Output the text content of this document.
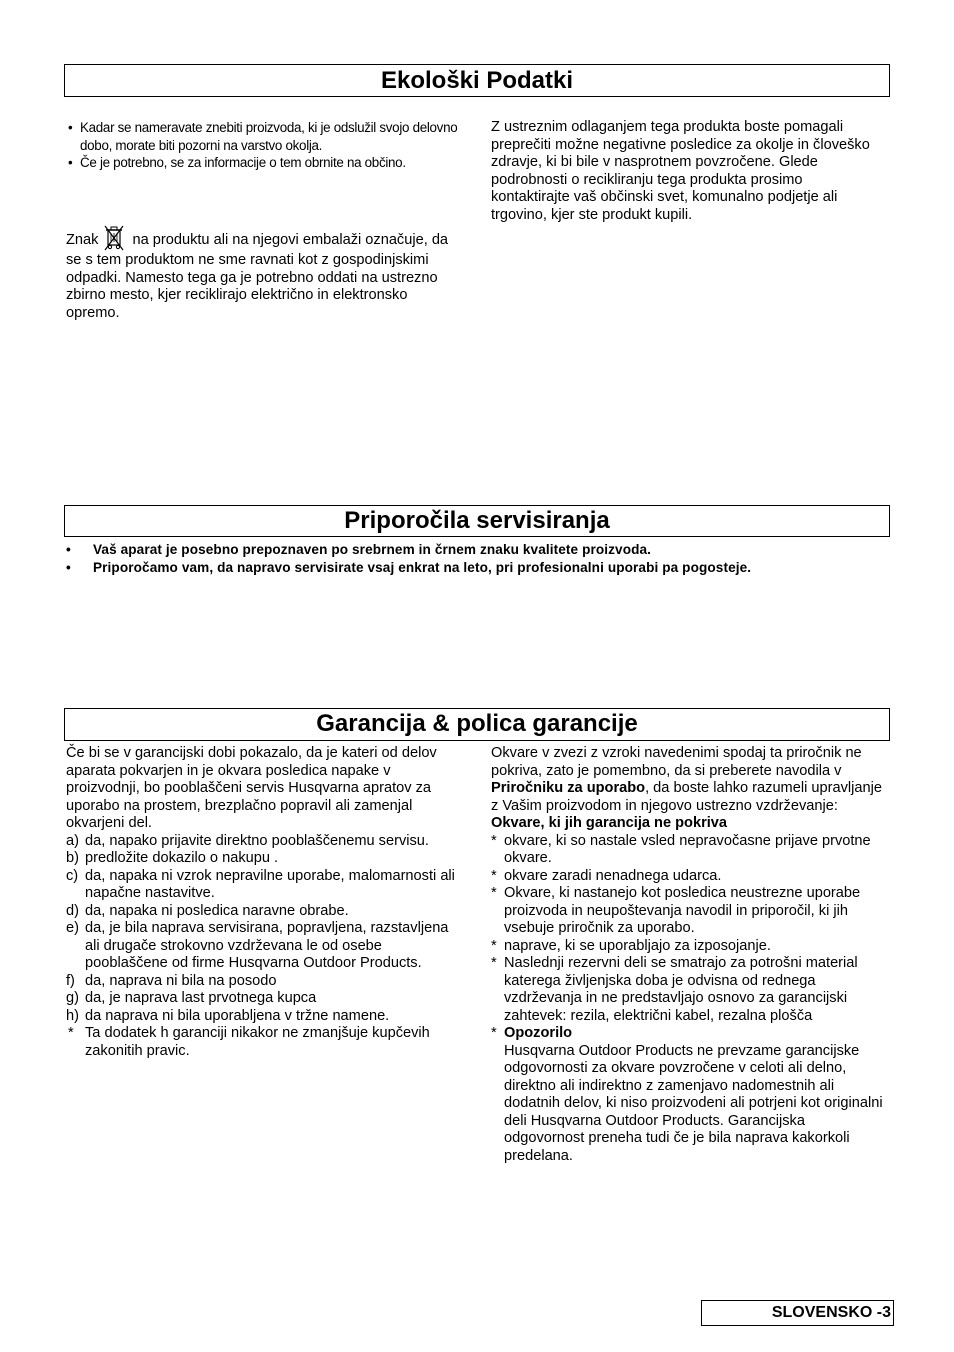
Ekološki Podatki
• Kadar se nameravate znebiti proizvoda, ki je odslužil svojo delovno dobo, morate biti pozorni na varstvo okolja.
• Če je potrebno, se za informacije o tem obrnite na občino.

Znak na produktu ali na njegovi embalaži označuje, da se s tem produktom ne sme ravnati kot z gospodinjskimi odpadki. Namesto tega ga je potrebno oddati na ustrezno zbirno mesto, kjer reciklirajo električno in elektronsko opremo.

Z ustreznim odlaganjem tega produkta boste pomagali preprečiti možne negativne posledice za okolje in človeško zdravje, ki bi bile v nasprotnem povzročene. Glede podrobnosti o recikliranju tega produkta prosimo kontaktirajte vaš občinski svet, komunalno podjetje ali trgovino, kjer ste produkt kupili.

Priporočila servisiranja
• Vaš aparat je posebno prepoznaven po srebrnem in črnem znaku kvalitete proizvoda.
• Priporočamo vam, da napravo servisirate vsaj enkrat na leto, pri profesionalni uporabi pa pogosteje.
Garancija & polica garancije

Če bi se v garancijski dobi pokazalo, da je kateri od delov aparata pokvarjen in je okvara posledica napake v proizvodnji, bo pooblaščeni servis Husqvarna apratov za uporabo na prostem, brezplačno popravil ali zamenjal okvarjeni del.

a) da, napako prijavite direktno pooblaščenemu servisu.
b) predložite dokazilo o nakupu .
c) da, napaka ni vzrok nepravilne uporabe, malomarnosti ali napačne nastavitve.
d) da, napaka ni posledica naravne obrabe.
e) da, je bila naprava servisirana, popravljena, razstavljena ali drugače strokovno vzdrževana le od osebe pooblaščene od firme Husqvarna Outdoor Products.
f) da, naprava ni bila na posodo
g) da, je naprava last prvotnega kupca
h) da naprava ni bila uporabljena v tržne namene.
* Ta dodatek h garanciji nikakor ne zmanjšuje kupčevih zakonitih pravic.

Okvare v zvezi z vzroki navedenimi spodaj ta priročnik ne pokriva, zato je pomembno, da si preberete navodila v Priročniku za uporabo, da boste lahko razumeli upravljanje z Vašim proizvodom in njegovo ustrezno vzdrževanje:

Okvare, ki jih garancija ne pokriva

* okvare, ki so nastale vsled nepravočasne prijave prvotne okvare.
* okvare zaradi nenadnega udarca.
* Okvare, ki nastanejo kot posledica neustrezne uporabe proizvoda in neupoštevanja navodil in priporočil, ki jih vsebuje priročnik za uporabo.
* naprave, ki se uporabljajo za izposojanje.
* Naslednji rezervni deli se smatrajo za potrošni material katerega življenjska doba je odvisna od rednega vzdrževanja in ne predstavljajo osnovo za garancijski zahtevek: rezila, električni kabel, rezalna plošča
* Opozorilo
Husqvarna Outdoor Products ne prevzame garancijske odgovornosti za okvare povzročene v celoti ali delno, direktno ali indirektno z zamenjavo nadomestnih ali dodatnih delov, ki niso proizvodeni ali potrjeni kot originalni deli Husqvarna Outdoor Products. Garancijska odgovornost preneha tudi če je bila naprava kakorkoli predelana.
SLOVENSKO -3
